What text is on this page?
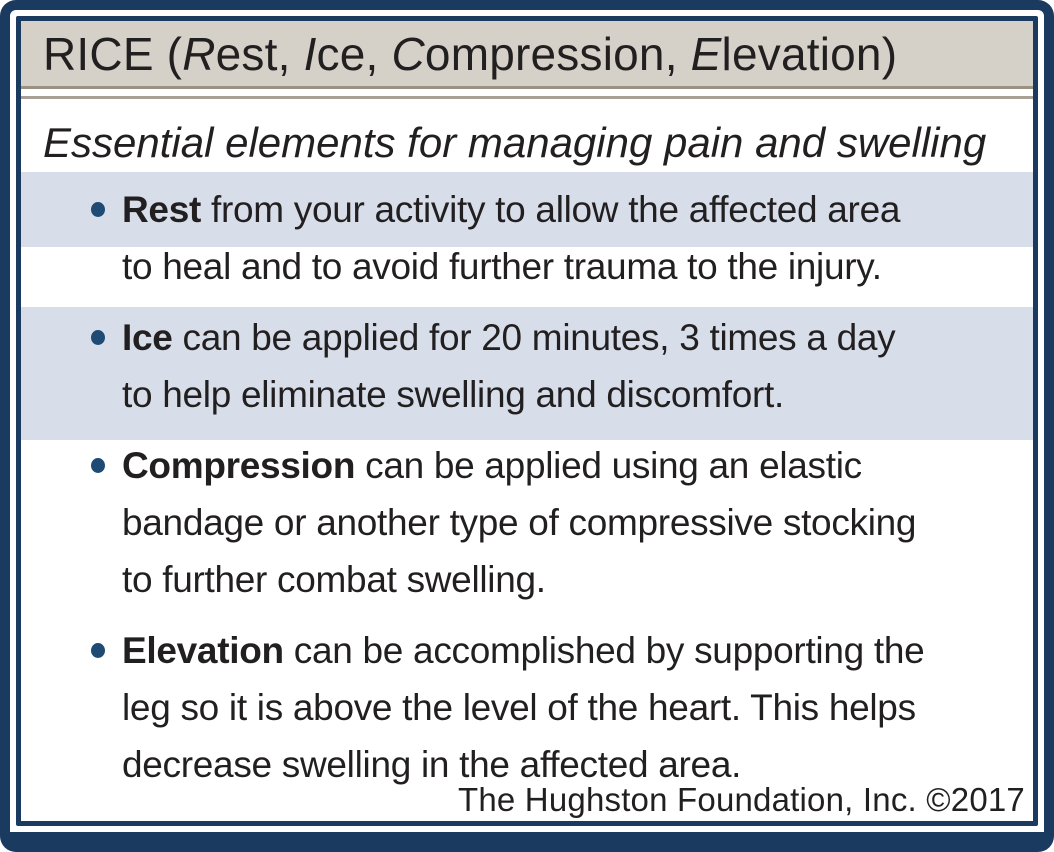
RICE (Rest, Ice, Compression, Elevation)
Essential elements for managing pain and swelling
Rest from your activity to allow the affected area
to heal and to avoid further trauma to the injury.
Ice can be applied for 20 minutes, 3 times a day
to help eliminate swelling and discomfort.
Compression can be applied using an elastic
bandage or another type of compressive stocking
to further combat swelling.
Elevation can be accomplished by supporting the
leg so it is above the level of the heart. This helps
decrease swelling in the affected area.
The Hughston Foundation, Inc. ©2017
